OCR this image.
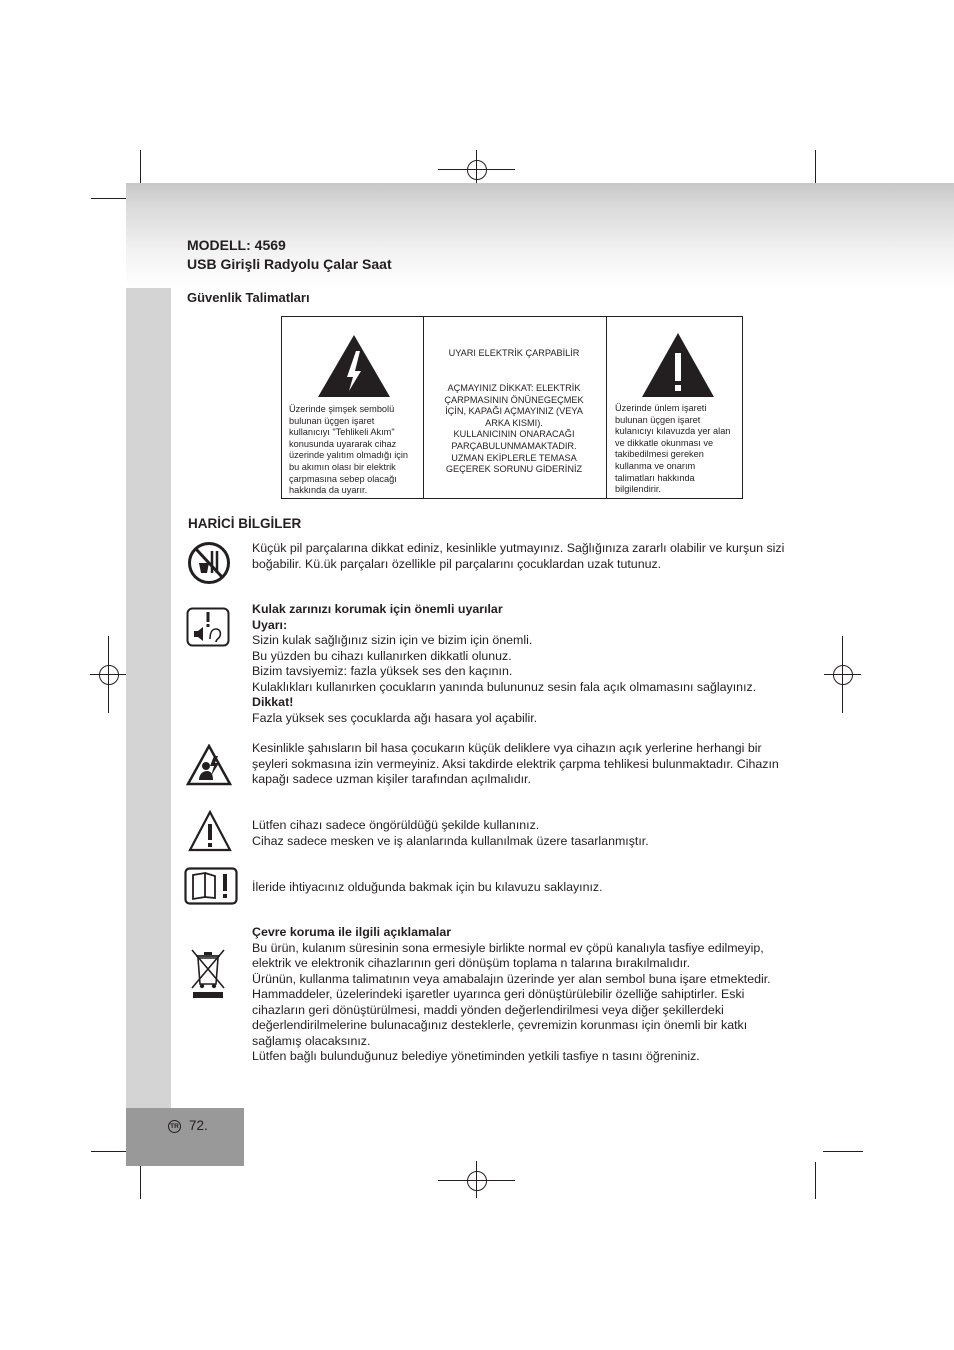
MODELL: 4569
USB Girişli Radyolu Çalar Saat
Güvenlik Talimatları
Üzerinde şimşek sembolü
bulunan üçgen işaret
kullanıcıyı "Tehlikeli Akım"
konusunda uyararak cihaz
üzerinde yalıtım olmadığı için
bu akımın olası bir elektrik
çarpmasına sebep olacağı
hakkında da uyarır.
UYARI ELEKTRİK ÇARPABİLİR
AÇMAYINIZ DİKKAT: ELEKTRİK
ÇARPMASININ ÖNÜNEGEÇMEK
İÇİN, KAPAĞI AÇMAYINIZ (VEYA
ARKA KISMI).
KULLANICININ ONARACAĞI
PARÇABULUNMAMAKTADIR.
UZMAN EKİPLERLE TEMASA
GEÇEREK SORUNU GİDERİNİZ
Üzerinde ünlem işareti
bulunan üçgen işaret
kulanıcıyı kılavuzda yer alan
ve dikkatle okunması ve
takibedilmesi gereken
kullanma ve onarım
talimatları hakkında
bilgilendirir.
HARİCİ BİLGİLER
Küçük pil parçalarına dikkat ediniz, kesinlikle yutmayınız. Sağlığınıza zararlı olabilir ve kurşun sizi
boğabilir. Kü.ük parçaları özellikle pil parçalarını çocuklardan uzak tutunuz.
Kulak zarınızı korumak için önemli uyarılar
Uyarı:
Sizin kulak sağlığınız sizin için ve bizim için önemli.
Bu yüzden bu cihazı kullanırken dikkatli olunuz.
Bizim tavsiyemiz: fazla yüksek ses den kaçının.
Kulaklıkları kullanırken çocukların yanında bulununuz sesin fala açık olmamasını sağlayınız.
Dikkat!
Fazla yüksek ses çocuklarda ağı hasara yol açabilir.
Kesinlikle şahısların bil hasa çocukarın küçük deliklere vya cihazın açık yerlerine herhangi bir
şeyleri sokmasına izin vermeyiniz. Aksi takdirde elektrik çarpma tehlikesi bulunmaktadır. Cihazın
kapağı sadece uzman kişiler tarafından açılmalıdır.
Lütfen cihazı sadece öngörüldüğü şekilde kullanınız.
Cihaz sadece mesken ve iş alanlarında kullanılmak üzere tasarlanmıştır.
İleride ihtiyacınız olduğunda bakmak için bu kılavuzu saklayınız.
Çevre koruma ile ilgili açıklamalar
Bu ürün, kulanım süresinin sona ermesiyle birlikte normal ev çöpü kanalıyla tasfiye edilmeyip,
elektrik ve elektronik cihazlarının geri dönüşüm toplama n talarına bırakılmalıdır.
Ürünün, kullanma talimatının veya amabalajın üzerinde yer alan sembol buna işare etmektedir.
Hammaddeler, üzelerindeki işaretler uyarınca geri dönüştürülebilir özelliğe sahiptirler. Eski
cihazların geri dönüştürülmesi, maddi yönden değerlendirilmesi veya diğer şekillerdeki
değerlendirilmelerine bulunacağınız desteklerle, çevremizin korunması için önemli bir katkı
sağlamış olacaksınız.
Lütfen bağlı bulunduğunuz belediye yönetiminden yetkili tasfiye n tasını öğreniniz.
TR 72.
